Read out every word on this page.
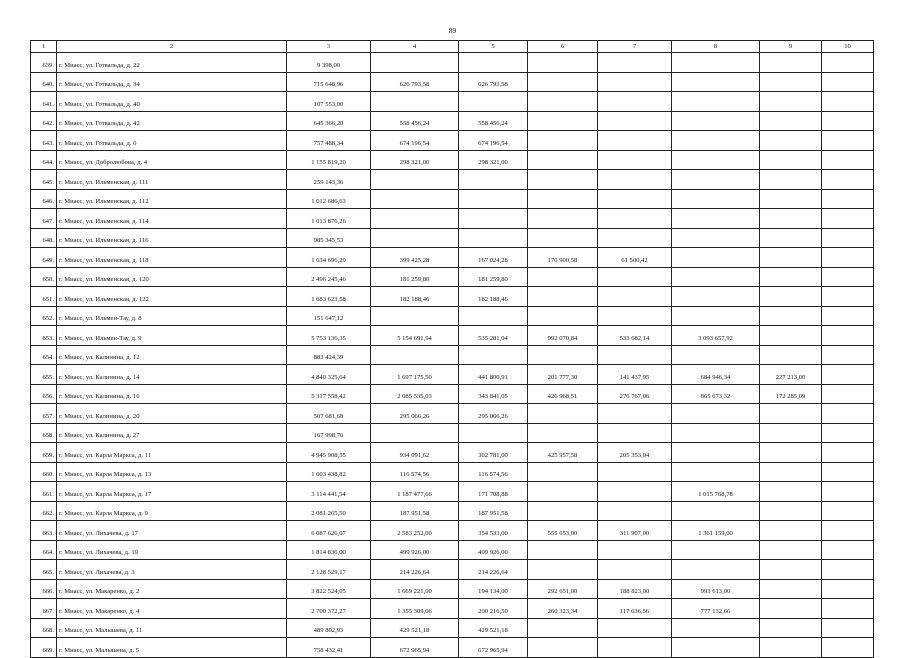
89
1	2	3	4	5	6	7	8	9	10
639.	г. Миасс, ул. Готвальда, д. 22	9 398,00							
640.	г. Миасс, ул. Готвальда, д. 34	715 648,96	626 793,58	626 793,58					
641.	г. Миасс, ул. Готвальда, д. 40	107 553,00							
642.	г. Миасс, ул. Готвальда, д. 42	645 366,20	558 456,24	558 456,24					
643.	г. Миасс, ул. Готвальда, д. 6	757 488,34	674 196,54	674 196,54					
644.	г. Миасс, ул. Добролюбова, д. 4	1 155 819,20	298 321,00	298 321,00					
645.	г. Миасс, ул. Ильменская, д. 111	259 143,36							
646.	г. Миасс, ул. Ильменская, д. 112	1 012 686,63							
647.	г. Миасс, ул. Ильменская, д. 114	1 013 876,26							
648.	г. Миасс, ул. Ильменская, д. 116	985 345,53							
649.	г. Миасс, ул. Ильменская, д. 118	1 634 696,29	399 425,28	167 024,28	170 900,58	61 500,42			
650.	г. Миасс, ул. Ильменская, д. 120	2 496 245,46	181 259,80	181 259,80					
651.	г. Миасс, ул. Ильменская, д. 122	1 683 623,58	182 188,46	182 188,46					
652.	г. Миасс, ул. Ильмен-Тау, д. 8	151 647,12							
653.	г. Миасс, ул. Ильмен-Тау, д. 9	5 753 136,35	5 154 691,94	535 281,04	992 070,84	533 682,14	3 093 657,92		
654.	г. Миасс, ул. Калинина, д. 12	883 424,39							
655.	г. Миасс, ул. Калинина, д. 14	4 840 325,64	1 697 175,50	441 800,91	201 777,30	141 437,95	684 946,34	227 213,00	
656.	г. Миасс, ул. Калинина, д. 16	5 317 558,42	2 085 535,03	343 841,05	426 968,51	276 767,06	865 673,32	172 285,09	
657.	г. Миасс, ул. Калинина, д. 20	507 681,68	295 066,26	295 066,26					
658.	г. Миасс, ул. Калинина, д. 27	167 998,76							
659.	г. Миасс, ул. Карла Маркса, д. 11	4 945 908,55	934 091,62	302 781,00	425 957,58	205 353,04			
660.	г. Миасс, ул. Карла Маркса, д. 13	1 603 438,82	116 574,56	116 574,56					
661.	г. Миасс, ул. Карла Маркса, д. 17	3 114 441,54	1 187 477,66	171 708,88			1 015 768,78		
662.	г. Миасс, ул. Карла Маркса, д. 9	2 081 265,50	187 951,58	187 951,58					
663.	г. Миасс, ул. Лихачева, д. 17	6 087 626,07	2 583 252,00	354 533,00	555 653,00	311 907,00	1 361 159,00		
664.	г. Миасс, ул. Лихачева, д. 19	1 814 836,00	499 926,00	499 926,00					
665.	г. Миасс, ул. Лихачева, д. 3	2 128 529,17	214 226,64	214 226,64					
666.	г. Миасс, ул. Макаренко, д. 2	3 822 524,05	1 669 221,00	194 134,00	292 651,00	188 823,00	993 613,00		
667.	г. Миасс, ул. Макаренко, д. 4	2 700 372,27	1 355 309,06	200 216,50	260 323,34	117 636,56	777 132,66		
668.	г. Миасс, ул. Малышева, д. 11	489 802,93	429 521,18	429 521,18					
669.	г. Миасс, ул. Малышева, д. 5	758 432,41	672 965,94	672 965,94					
